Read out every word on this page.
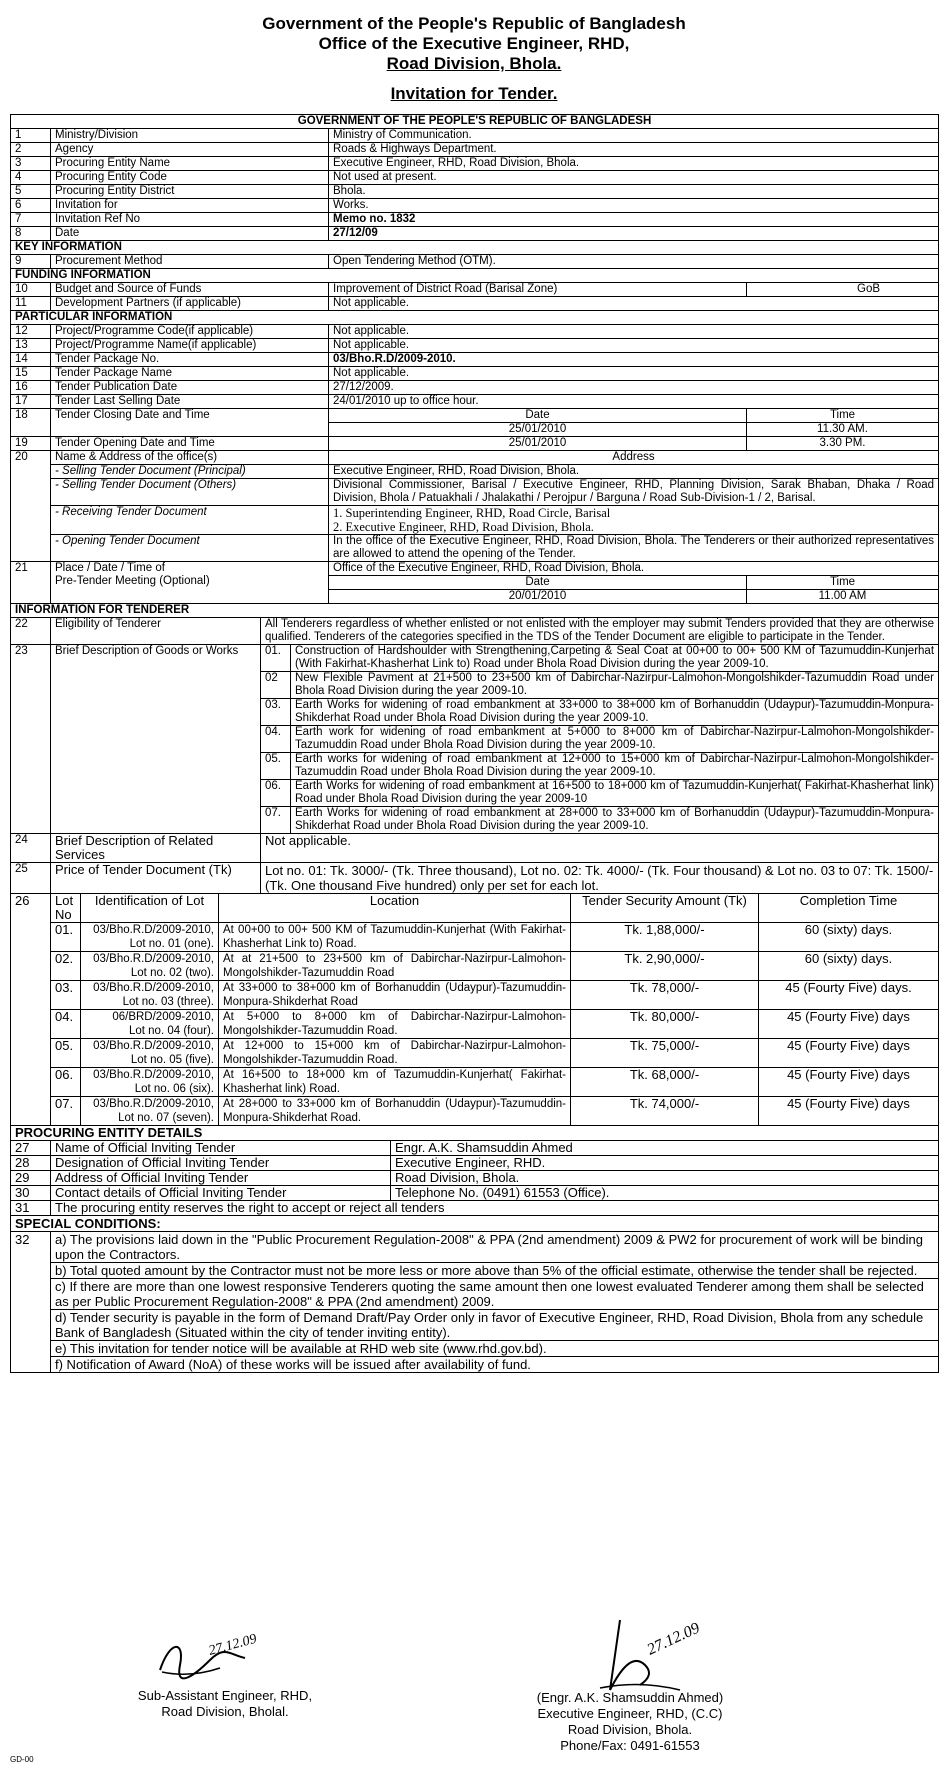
Government of the People's Republic of Bangladesh
Office of the Executive Engineer, RHD,
Road Division, Bhola.
Invitation for Tender.
GOVERNMENT OF THE PEOPLE'S REPUBLIC OF BANGLADESH			
1	Ministry/Division	Ministry of Communication.	
2	Agency	Roads & Highways Department.	
3	Procuring Entity Name	Executive Engineer, RHD, Road Division, Bhola.	
4	Procuring Entity Code	Not used at present.	
5	Procuring Entity District	Bhola.	
6	Invitation for	Works.	
7	Invitation Ref No	Memo no. 1832	
8	Date	27/12/09	
KEY INFORMATION			
9	Procurement Method	Open Tendering Method (OTM).	
FUNDING INFORMATION			
10	Budget and Source of Funds	Improvement of District Road (Barisal Zone)	GoB
11	Development Partners (if applicable)	Not applicable.	
PARTICULAR INFORMATION			
12	Project/Programme Code(if applicable)	Not applicable.	
13	Project/Programme Name(if applicable)	Not applicable.	
14	Tender Package No.	03/Bho.R.D/2009-2010.	
15	Tender Package Name	Not applicable.	
16	Tender Publication Date	27/12/2009.	
17	Tender Last Selling Date	24/01/2010 up to office hour.	
18	Tender Closing Date and Time	Date	Time
		25/01/2010	11.30 AM.
19	Tender Opening Date and Time	25/01/2010	3.30 PM.
20	Name & Address of the office(s)	Address	
	- Selling Tender Document (Principal)	Executive Engineer, RHD, Road Division, Bhola.	
	- Selling Tender Document (Others)	Divisional Commissioner, Barisal / Executive Engineer, RHD, Planning Division, Sarak Bhaban, Dhaka / Road Division, Bhola / Patuakhali / Jhalakathi / Perojpur / Barguna / Road Sub-Division-1 / 2, Barisal.	
	- Receiving Tender Document	1. Superintending Engineer, RHD, Road Circle, Barisal
2. Executive Engineer, RHD, Road Division, Bhola.	

	- Opening Tender Document	In the office of the Executive Engineer, RHD, Road Division, Bhola. The Tenderers or their authorized representatives are allowed to attend the opening of the Tender.	
21	Place / Date / Time of
Pre-Tender Meeting (Optional)	Office of the Executive Engineer, RHD, Road Division, Bhola.	
		Date	Time
		20/01/2010	11.00 AM
INFORMATION FOR TENDERER			
22	Eligibility of Tenderer	All Tenderers regardless of whether enlisted or not enlisted with the employer may submit Tenders provided that they are otherwise qualified. Tenderers of the categories specified in the TDS of the Tender Document are eligible to participate in the Tender.	
23	Brief Description of Goods or Works	01.	Construction of Hardshoulder with Strengthening,Carpeting & Seal Coat at 00+00 to 00+ 500 KM of Tazumuddin-Kunjerhat (With Fakirhat-Khasherhat Link to) Road under Bhola Road Division during the year 2009-10.
		02	New Flexible Pavment at 21+500 to 23+500 km of Dabirchar-Nazirpur-Lalmohon-Mongolshikder-Tazumuddin Road under Bhola Road Division during the year 2009-10.
		03.	Earth Works for widening of road embankment at 33+000 to 38+000 km of Borhanuddin (Udaypur)-Tazumuddin-Monpura-Shikderhat Road under Bhola Road Division during the year 2009-10.
		04.	Earth work for widening of road embankment at 5+000 to 8+000 km of Dabirchar-Nazirpur-Lalmohon-Mongolshikder-Tazumuddin Road under Bhola Road Division during the year 2009-10.
		05.	Earth works for widening of road embankment at 12+000 to 15+000 km of Dabirchar-Nazirpur-Lalmohon-Mongolshikder-Tazumuddin Road under Bhola Road Division during the year 2009-10.
		06.	Earth Works for widening of road embankment at 16+500 to 18+000 km of Tazumuddin-Kunjerhat( Fakirhat-Khasherhat link) Road under Bhola Road Division during the year 2009-10
		07.	Earth Works for widening of road embankment at 28+000 to 33+000 km of Borhanuddin (Udaypur)-Tazumuddin-Monpura-Shikderhat Road under Bhola Road Division during the year 2009-10.
24	Brief Description of Related Services	Not applicable.	
25	Price of Tender Document (Tk)	Lot no. 01: Tk. 3000/- (Tk. Three thousand), Lot no. 02: Tk. 4000/- (Tk. Four thousand) & Lot no. 03 to 07: Tk. 1500/- (Tk. One thousand Five hundred) only per set for each lot.	
26	Lot No	Identification of Lot	Location	Tender Security Amount (Tk)	Completion Time
	01.	03/Bho.R.D/2009-2010,
Lot no. 01 (one).	At 00+00 to 00+ 500 KM of Tazumuddin-Kunjerhat (With Fakirhat-Khasherhat Link to) Road.	Tk. 1,88,000/-	60 (sixty) days.
	02.	03/Bho.R.D/2009-2010,
Lot no. 02 (two).	At at 21+500 to 23+500 km of Dabirchar-Nazirpur-Lalmohon-Mongolshikder-Tazumuddin Road	Tk. 2,90,000/-	60 (sixty) days.
	03.	03/Bho.R.D/2009-2010,
Lot no. 03 (three).	At 33+000 to 38+000 km of Borhanuddin (Udaypur)-Tazumuddin-Monpura-Shikderhat Road	Tk. 78,000/-	45 (Fourty Five) days.
	04.	06/BRD/2009-2010,
Lot no. 04 (four).	At 5+000 to 8+000 km of Dabirchar-Nazirpur-Lalmohon-Mongolshikder-Tazumuddin Road.	Tk. 80,000/-	45 (Fourty Five) days
	05.	03/Bho.R.D/2009-2010,
Lot no. 05 (five).	At 12+000 to 15+000 km of Dabirchar-Nazirpur-Lalmohon-Mongolshikder-Tazumuddin Road.	Tk. 75,000/-	45 (Fourty Five) days
	06.	03/Bho.R.D/2009-2010,
Lot no. 06 (six).	At 16+500 to 18+000 km of Tazumuddin-Kunjerhat( Fakirhat-Khasherhat link) Road.	Tk. 68,000/-	45 (Fourty Five) days
	07.	03/Bho.R.D/2009-2010,
Lot no. 07 (seven).	At 28+000 to 33+000 km of Borhanuddin (Udaypur)-Tazumuddin-Monpura-Shikderhat Road.	Tk. 74,000/-	45 (Fourty Five) days
PROCURING ENTITY DETAILS		
27	Name of Official Inviting Tender	Engr. A.K. Shamsuddin Ahmed
28	Designation of Official Inviting Tender	Executive Engineer, RHD.
29	Address of Official Inviting Tender	Road Division, Bhola.
30	Contact details of Official Inviting Tender	Telephone No. (0491) 61553 (Office).
31	The procuring entity reserves the right to accept or reject all tenders	
SPECIAL CONDITIONS:
32	a) The provisions laid down in the "Public Procurement Regulation-2008" & PPA (2nd amendment) 2009 & PW2 for procurement of work will be binding upon the Contractors.
b) Total quoted amount by the Contractor must not be more less or more above than 5% of the official estimate, otherwise the tender shall be rejected.
c) If there are more than one lowest responsive Tenderers quoting the same amount then one lowest evaluated Tenderer among them shall be selected as per Public Procurement Regulation-2008" & PPA (2nd amendment) 2009.
d) Tender security is payable in the form of Demand Draft/Pay Order only in favor of Executive Engineer, RHD, Road Division, Bhola from any schedule Bank of Bangladesh (Situated within the city of tender inviting entity).
e) This invitation for tender notice will be available at RHD web site (www.rhd.gov.bd).
f) Notification of Award (NoA) of these works will be issued after availability of fund.
27.12.09
Sub-Assistant Engineer, RHD,
Road Division, Bholal.
27.12.09
(Engr. A.K. Shamsuddin Ahmed)
Executive Engineer, RHD, (C.C)
Road Division, Bhola.
Phone/Fax: 0491-61553
GD-00
